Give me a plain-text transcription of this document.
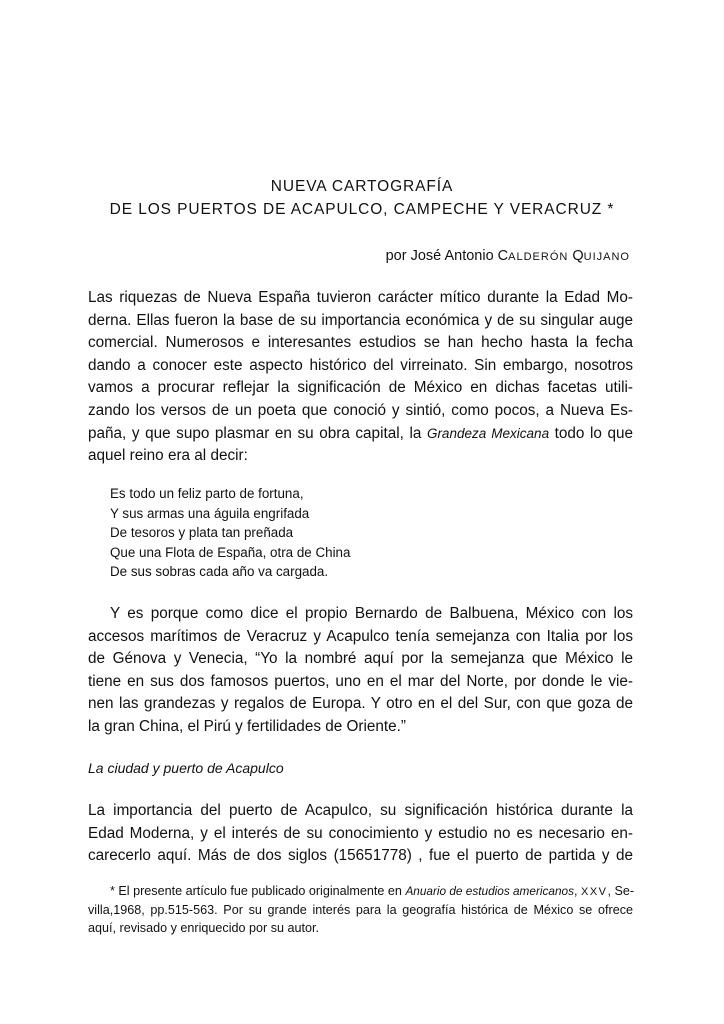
NUEVA CARTOGRAFÍA
DE LOS PUERTOS DE ACAPULCO, CAMPECHE Y VERACRUZ *
por José Antonio CALDERÓN QUIJANO
Las riquezas de Nueva España tuvieron carácter mítico durante la Edad Mo-
derna. Ellas fueron la base de su importancia económica y de su singular auge
comercial. Numerosos e interesantes estudios se han hecho hasta la fecha
dando a conocer este aspecto histórico del virreinato. Sin embargo, nosotros
vamos a procurar reflejar la significación de México en dichas facetas utili-
zando los versos de un poeta que conoció y sintió, como pocos, a Nueva Es-
paña, y que supo plasmar en su obra capital, la Grandeza Mexicana todo lo que
aquel reino era al decir:
Es todo un feliz parto de fortuna,
Y sus armas una águila engrifada
De tesoros y plata tan preñada
Que una Flota de España, otra de China
De sus sobras cada año va cargada.
Y es porque como dice el propio Bernardo de Balbuena, México con los
accesos marítimos de Veracruz y Acapulco tenía semejanza con Italia por los
de Génova y Venecia, “Yo la nombré aquí por la semejanza que México le
tiene en sus dos famosos puertos, uno en el mar del Norte, por donde le vie-
nen las grandezas y regalos de Europa. Y otro en el del Sur, con que goza de
la gran China, el Pirú y fertilidades de Oriente.”
La ciudad y puerto de Acapulco
La importancia del puerto de Acapulco, su significación histórica durante la
Edad Moderna, y el interés de su conocimiento y estudio no es necesario en-
carecerlo aquí. Más de dos siglos (15651778) , fue el puerto de partida y de
* El presente artículo fue publicado originalmente en Anuario de estudios americanos, XXV, Se-
villa,1968, pp.515-563. Por su grande interés para la geografía histórica de México se ofrece
aquí, revisado y enriquecido por su autor.
